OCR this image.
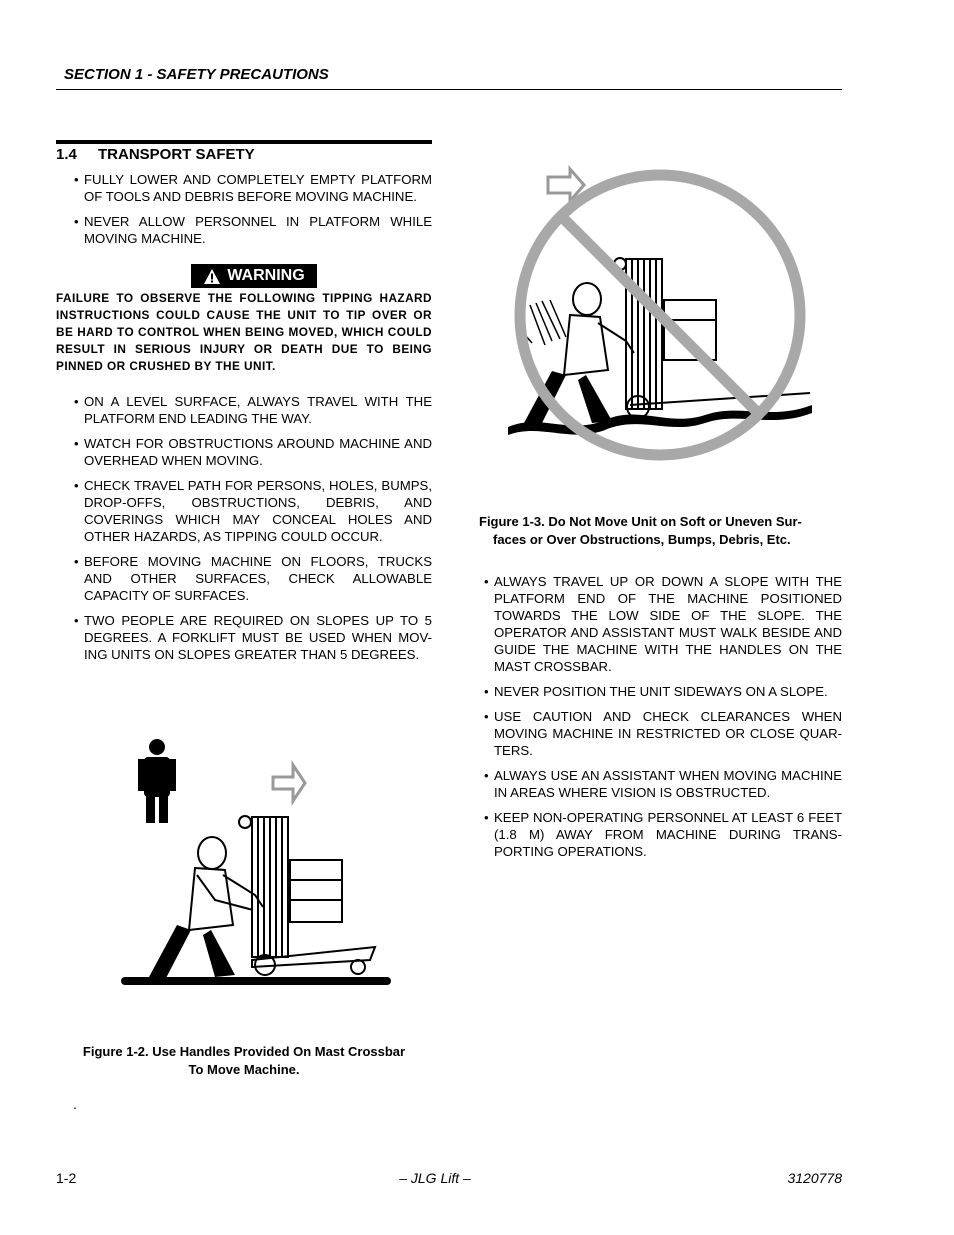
SECTION 1 - SAFETY PRECAUTIONS
1.4 TRANSPORT SAFETY
• FULLY LOWER AND COMPLETELY EMPTY PLATFORM OF TOOLS AND DEBRIS BEFORE MOVING MACHINE.
• NEVER ALLOW PERSONNEL IN PLATFORM WHILE MOVING MACHINE.
WARNING
FAILURE TO OBSERVE THE FOLLOWING TIPPING HAZARD INSTRUCTIONS COULD CAUSE THE UNIT TO TIP OVER OR BE HARD TO CONTROL WHEN BEING MOVED, WHICH COULD RESULT IN SERIOUS INJURY OR DEATH DUE TO BEING PINNED OR CRUSHED BY THE UNIT.
• ON A LEVEL SURFACE, ALWAYS TRAVEL WITH THE PLATFORM END LEADING THE WAY.
• WATCH FOR OBSTRUCTIONS AROUND MACHINE AND OVERHEAD WHEN MOVING.
• CHECK TRAVEL PATH FOR PERSONS, HOLES, BUMPS, DROP-OFFS, OBSTRUCTIONS, DEBRIS, AND COVERINGS WHICH MAY CONCEAL HOLES AND OTHER HAZARDS, AS TIPPING COULD OCCUR.
• BEFORE MOVING MACHINE ON FLOORS, TRUCKS AND OTHER SURFACES, CHECK ALLOWABLE CAPACITY OF SURFACES.
• TWO PEOPLE ARE REQUIRED ON SLOPES UP TO 5 DEGREES. A FORKLIFT MUST BE USED WHEN MOV-ING UNITS ON SLOPES GREATER THAN 5 DEGREES.
Figure 1-2. Use Handles Provided On Mast Crossbar
To Move Machine.
.
Figure 1-3. Do Not Move Unit on Soft or Uneven Sur-
faces or Over Obstructions, Bumps, Debris, Etc.
• ALWAYS TRAVEL UP OR DOWN A SLOPE WITH THE PLATFORM END OF THE MACHINE POSITIONED TOWARDS THE LOW SIDE OF THE SLOPE. THE OPERATOR AND ASSISTANT MUST WALK BESIDE AND GUIDE THE MACHINE WITH THE HANDLES ON THE MAST CROSSBAR.
• NEVER POSITION THE UNIT SIDEWAYS ON A SLOPE.
• USE CAUTION AND CHECK CLEARANCES WHEN MOVING MACHINE IN RESTRICTED OR CLOSE QUAR-TERS.
• ALWAYS USE AN ASSISTANT WHEN MOVING MACHINE IN AREAS WHERE VISION IS OBSTRUCTED.
• KEEP NON-OPERATING PERSONNEL AT LEAST 6 FEET (1.8 M) AWAY FROM MACHINE DURING TRANS-PORTING OPERATIONS.
1-2	– JLG Lift –	3120778
